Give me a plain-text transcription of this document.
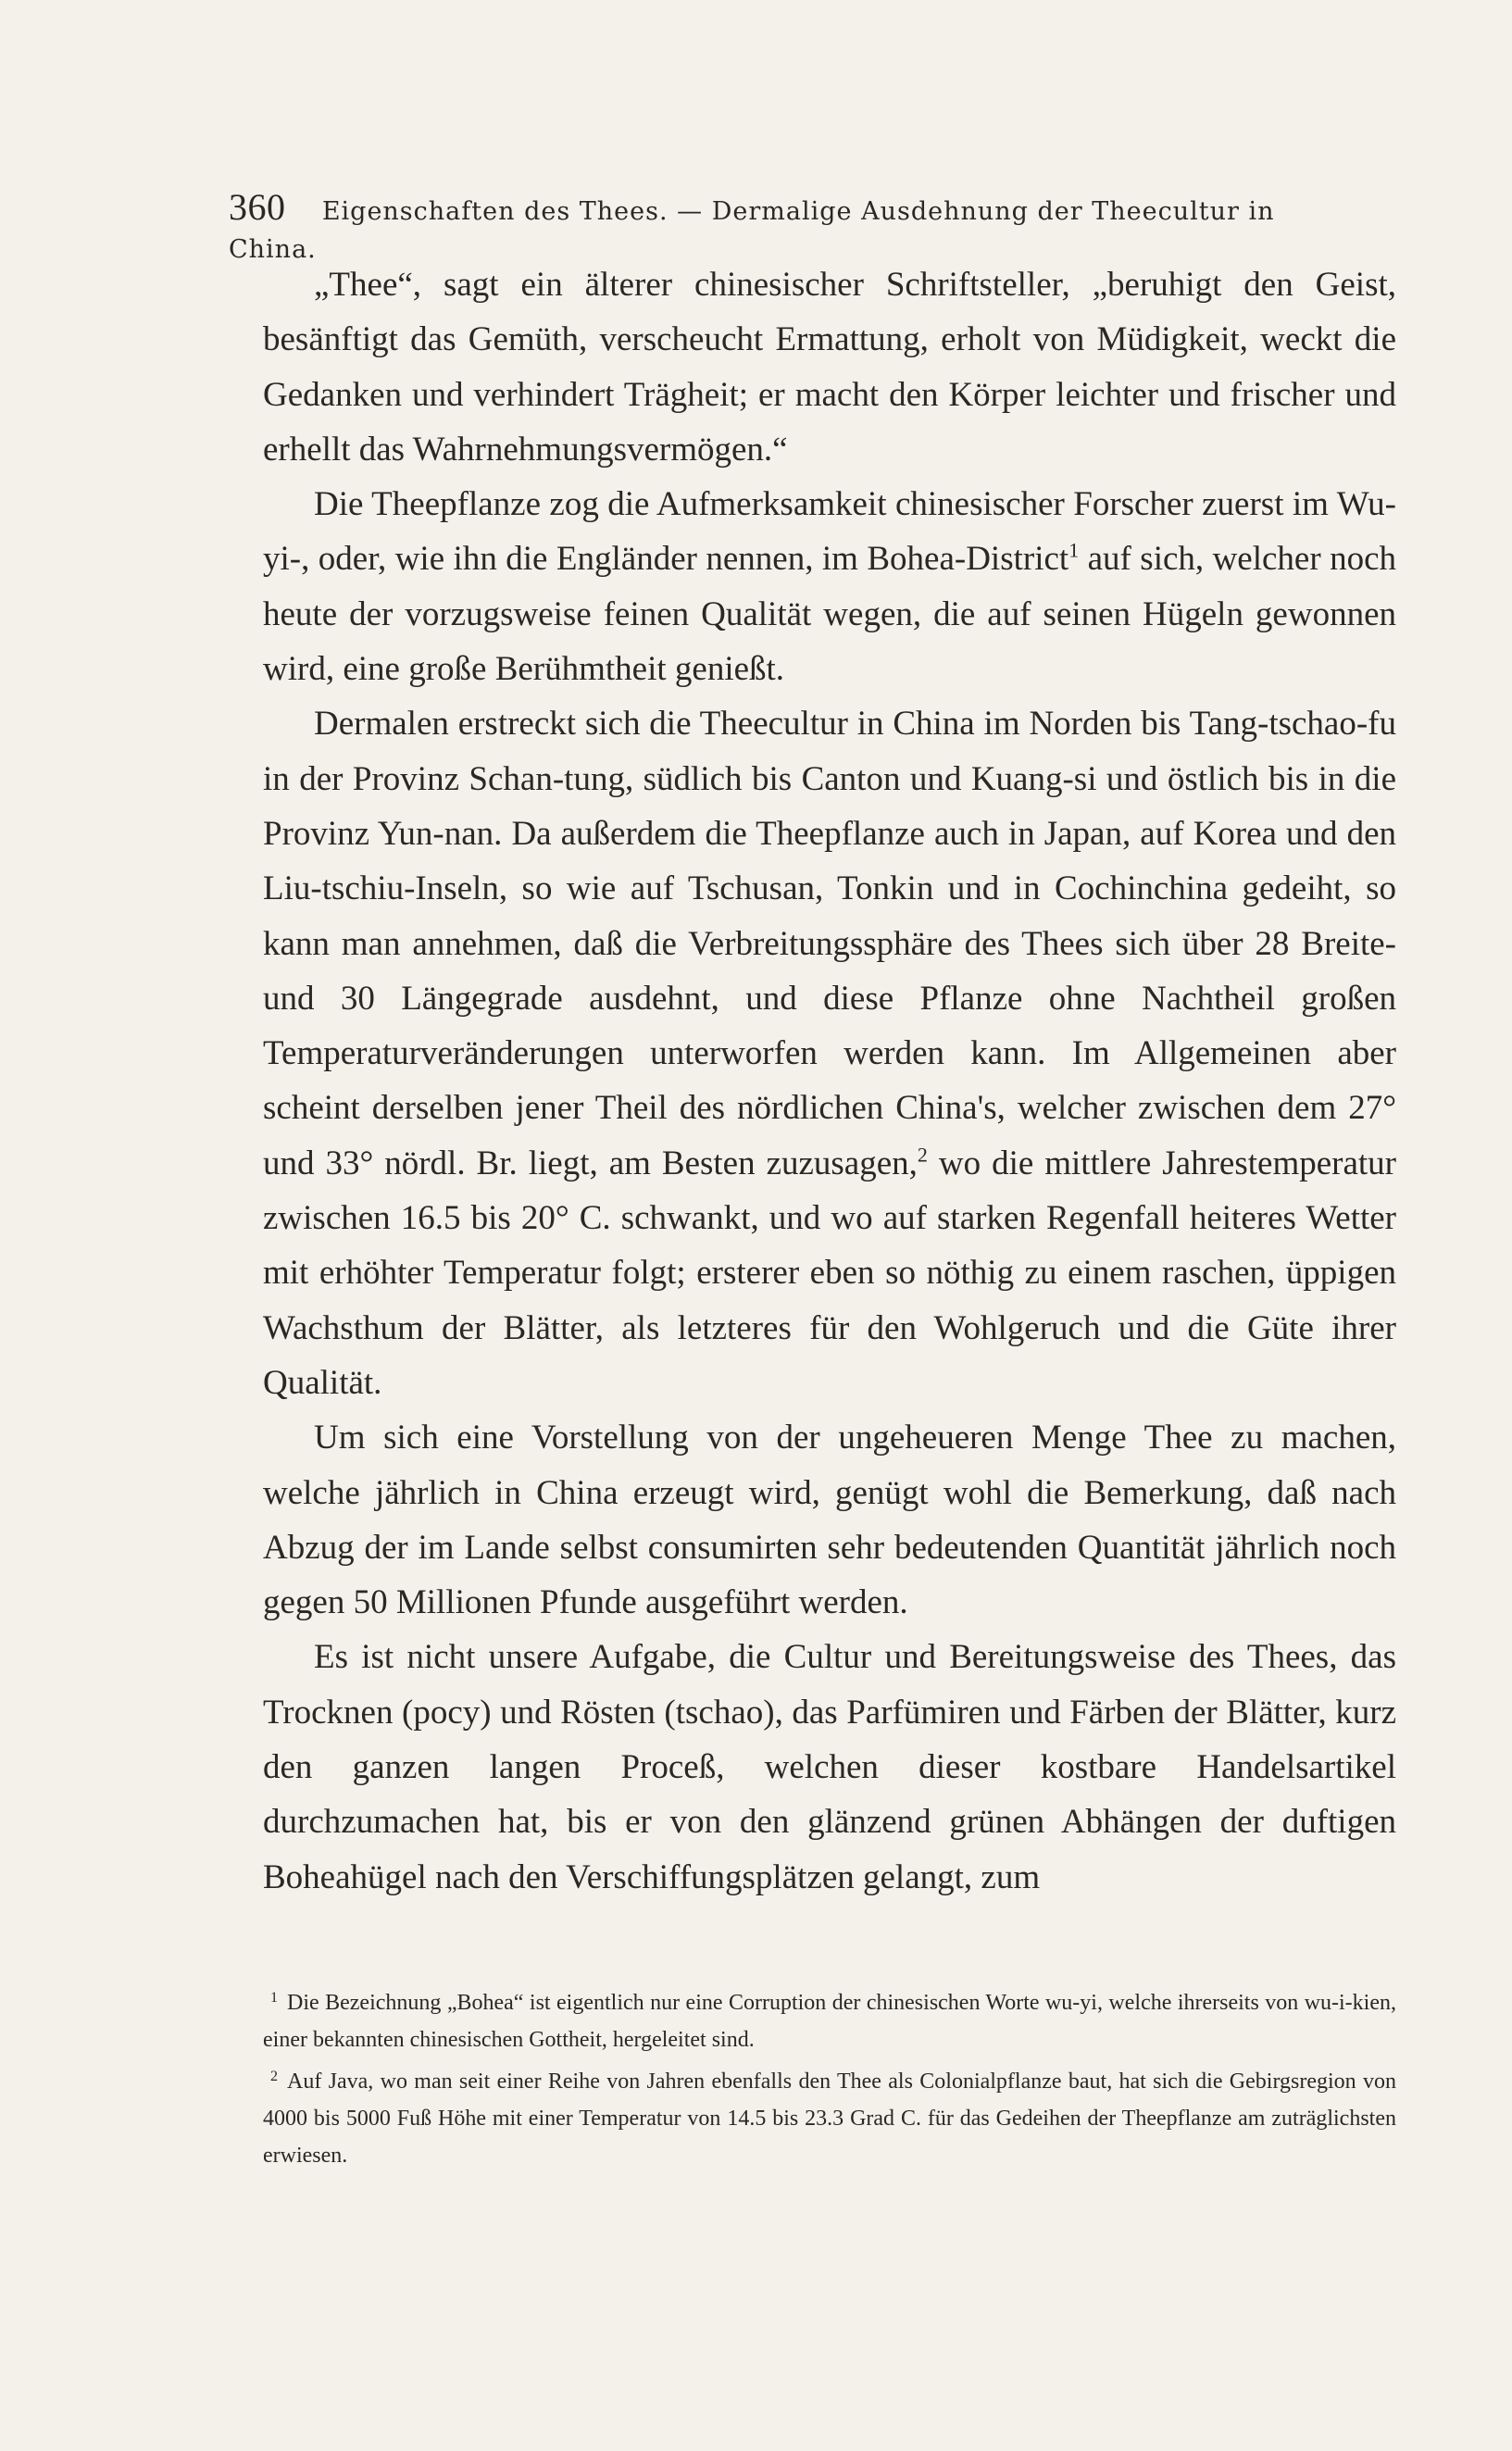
360 Eigenschaften des Thees. — Dermalige Ausdehnung der Theecultur in China.

„Thee“, sagt ein älterer chinesischer Schriftsteller, „beruhigt den Geist, besänftigt das Gemüth, verscheucht Ermattung, erholt von Müdigkeit, weckt die Gedanken und verhindert Trägheit; er macht den Körper leichter und frischer und erhellt das Wahrnehmungsvermögen.“

Die Theepflanze zog die Aufmerksamkeit chinesischer Forscher zuerst im Wu-yi-, oder, wie ihn die Engländer nennen, im Bohea-District$^1$ auf sich, welcher noch heute der vorzugsweise feinen Qualität wegen, die auf seinen Hügeln gewonnen wird, eine große Berühmtheit genießt.

Dermalen erstreckt sich die Theecultur in China im Norden bis Tang-tschao-fu in der Provinz Schan-tung, südlich bis Canton und Kuang-si und östlich bis in die Provinz Yun-nan. Da außerdem die Theepflanze auch in Japan, auf Korea und den Liu-tschiu-Inseln, so wie auf Tschusan, Tonkin und in Cochinchina gedeiht, so kann man annehmen, daß die Verbreitungssphäre des Thees sich über 28 Breite- und 30 Längegrade ausdehnt, und diese Pflanze ohne Nachtheil großen Temperaturveränderungen unterworfen werden kann. Im Allgemeinen aber scheint derselben jener Theil des nördlichen China's, welcher zwischen dem 27° und 33° nördl. Br. liegt, am Besten zuzusagen,$^2$ wo die mittlere Jahrestemperatur zwischen 16.5 bis 20° C. schwankt, und wo auf starken Regenfall heiteres Wetter mit erhöhter Temperatur folgt; ersterer eben so nöthig zu einem raschen, üppigen Wachsthum der Blätter, als letzteres für den Wohlgeruch und die Güte ihrer Qualität.

Um sich eine Vorstellung von der ungeheueren Menge Thee zu machen, welche jährlich in China erzeugt wird, genügt wohl die Bemerkung, daß nach Abzug der im Lande selbst consumirten sehr bedeutenden Quantität jährlich noch gegen 50 Millionen Pfunde ausgeführt werden.

Es ist nicht unsere Aufgabe, die Cultur und Bereitungsweise des Thees, das Trocknen (pocy) und Rösten (tschao), das Parfümiren und Färben der Blätter, kurz den ganzen langen Proceß, welchen dieser kostbare Handelsartikel durchzumachen hat, bis er von den glänzend grünen Abhängen der duftigen Boheahügel nach den Verschiffungsplätzen gelangt, zum

$^1$ Die Bezeichnung „Bohea“ ist eigentlich nur eine Corruption der chinesischen Worte wu-yi, welche ihrerseits von wu-i-kien, einer bekannten chinesischen Gottheit, hergeleitet sind.

$^2$ Auf Java, wo man seit einer Reihe von Jahren ebenfalls den Thee als Colonialpflanze baut, hat sich die Gebirgsregion von 4000 bis 5000 Fuß Höhe mit einer Temperatur von 14.5 bis 23.3 Grad C. für das Gedeihen der Theepflanze am zuträglichsten erwiesen.
